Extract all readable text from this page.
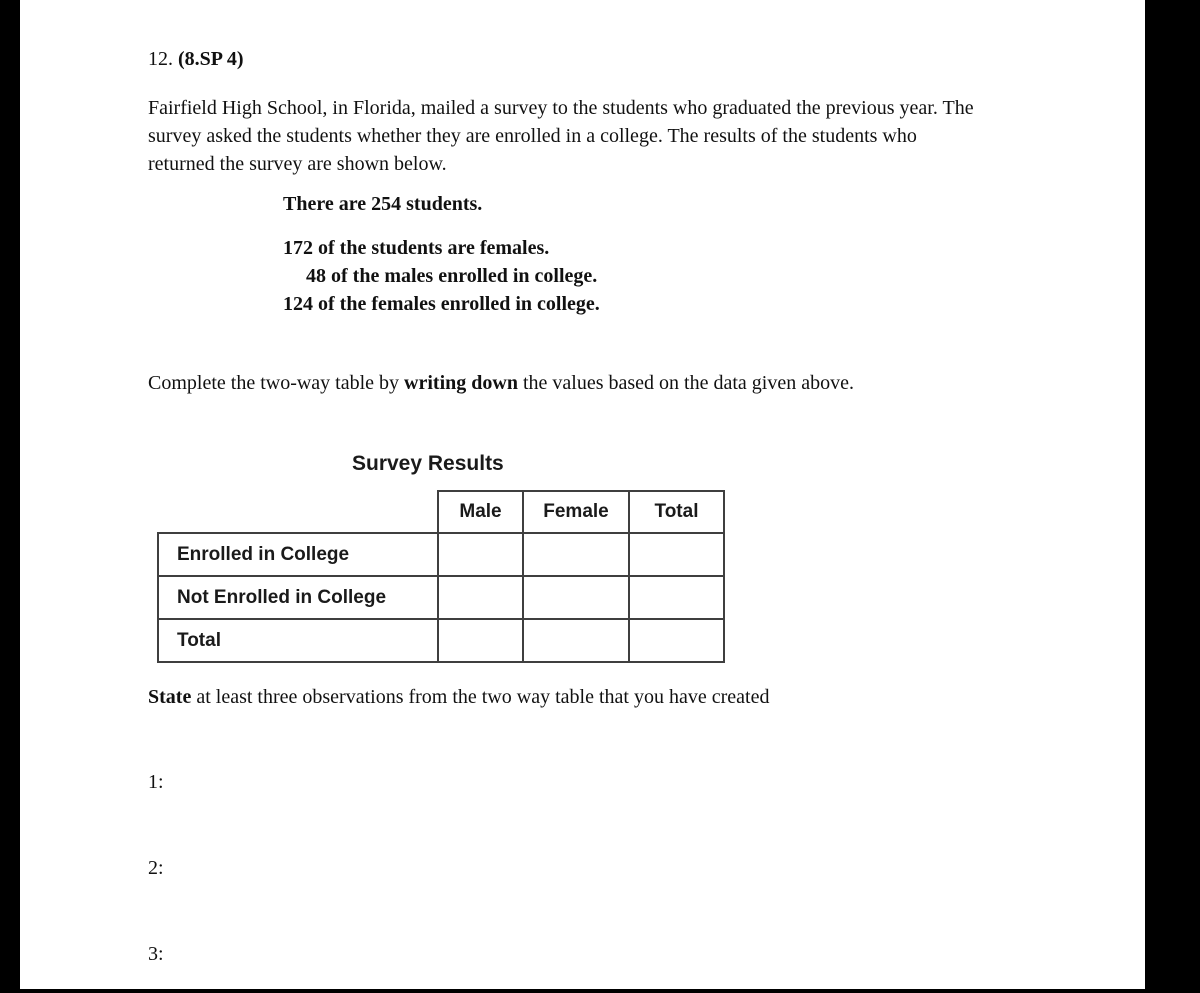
12. (8.SP 4)
Fairfield High School, in Florida, mailed a survey to the students who graduated the previous year. The survey asked the students whether they are enrolled in a college. The results of the students who returned the survey are shown below.
There are 254 students.
172 of the students are females.
48 of the males enrolled in college.
124 of the females enrolled in college.
Complete the two-way table by writing down the values based on the data given above.
Survey Results
	Male	Female	Total
Enrolled in College			
Not Enrolled in College			
Total			
State at least three observations from the two way table that you have created
1:
2:
3:
